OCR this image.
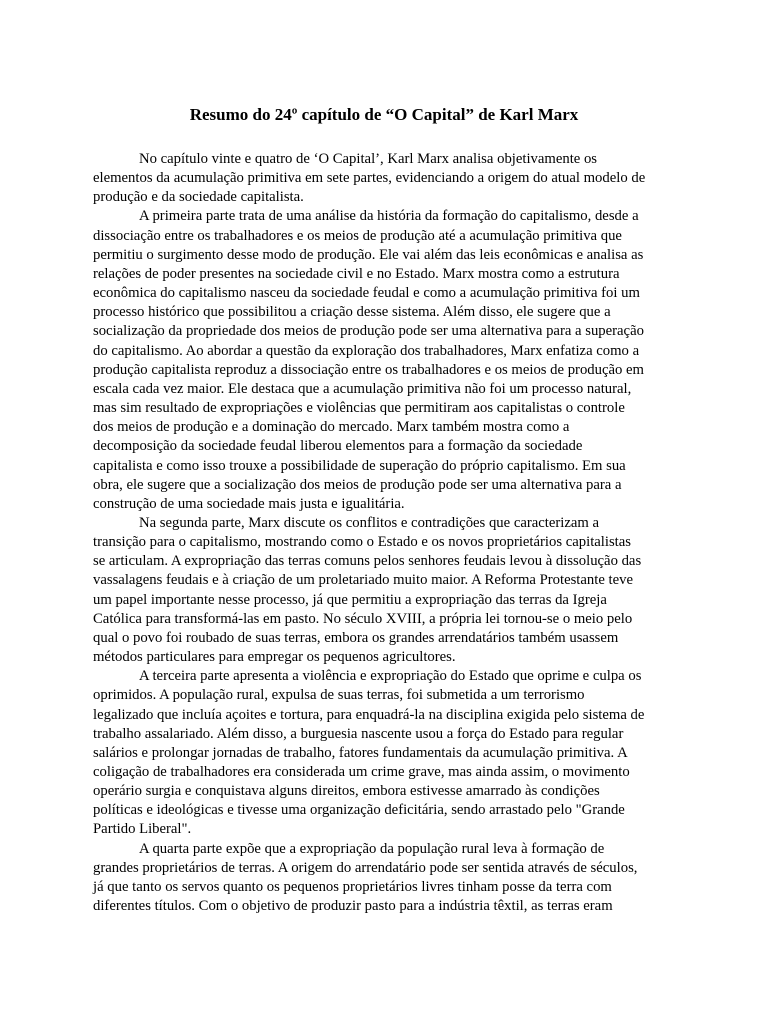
Resumo do 24º capítulo de “O Capital” de Karl Marx
No capítulo vinte e quatro de ‘O Capital’, Karl Marx analisa objetivamente os
elementos da acumulação primitiva em sete partes, evidenciando a origem do atual modelo de
produção e da sociedade capitalista.
A primeira parte trata de uma análise da história da formação do capitalismo, desde a
dissociação entre os trabalhadores e os meios de produção até a acumulação primitiva que
permitiu o surgimento desse modo de produção. Ele vai além das leis econômicas e analisa as
relações de poder presentes na sociedade civil e no Estado. Marx mostra como a estrutura
econômica do capitalismo nasceu da sociedade feudal e como a acumulação primitiva foi um
processo histórico que possibilitou a criação desse sistema. Além disso, ele sugere que a
socialização da propriedade dos meios de produção pode ser uma alternativa para a superação
do capitalismo. Ao abordar a questão da exploração dos trabalhadores, Marx enfatiza como a
produção capitalista reproduz a dissociação entre os trabalhadores e os meios de produção em
escala cada vez maior. Ele destaca que a acumulação primitiva não foi um processo natural,
mas sim resultado de expropriações e violências que permitiram aos capitalistas o controle
dos meios de produção e a dominação do mercado. Marx também mostra como a
decomposição da sociedade feudal liberou elementos para a formação da sociedade
capitalista e como isso trouxe a possibilidade de superação do próprio capitalismo. Em sua
obra, ele sugere que a socialização dos meios de produção pode ser uma alternativa para a
construção de uma sociedade mais justa e igualitária.
Na segunda parte, Marx discute os conflitos e contradições que caracterizam a
transição para o capitalismo, mostrando como o Estado e os novos proprietários capitalistas
se articulam. A expropriação das terras comuns pelos senhores feudais levou à dissolução das
vassalagens feudais e à criação de um proletariado muito maior. A Reforma Protestante teve
um papel importante nesse processo, já que permitiu a expropriação das terras da Igreja
Católica para transformá-las em pasto. No século XVIII, a própria lei tornou-se o meio pelo
qual o povo foi roubado de suas terras, embora os grandes arrendatários também usassem
métodos particulares para empregar os pequenos agricultores.
A terceira parte apresenta a violência e expropriação do Estado que oprime e culpa os
oprimidos. A população rural, expulsa de suas terras, foi submetida a um terrorismo
legalizado que incluía açoites e tortura, para enquadrá-la na disciplina exigida pelo sistema de
trabalho assalariado. Além disso, a burguesia nascente usou a força do Estado para regular
salários e prolongar jornadas de trabalho, fatores fundamentais da acumulação primitiva. A
coligação de trabalhadores era considerada um crime grave, mas ainda assim, o movimento
operário surgia e conquistava alguns direitos, embora estivesse amarrado às condições
políticas e ideológicas e tivesse uma organização deficitária, sendo arrastado pelo "Grande
Partido Liberal".
A quarta parte expõe que a expropriação da população rural leva à formação de
grandes proprietários de terras. A origem do arrendatário pode ser sentida através de séculos,
já que tanto os servos quanto os pequenos proprietários livres tinham posse da terra com
diferentes títulos. Com o objetivo de produzir pasto para a indústria têxtil, as terras eram
